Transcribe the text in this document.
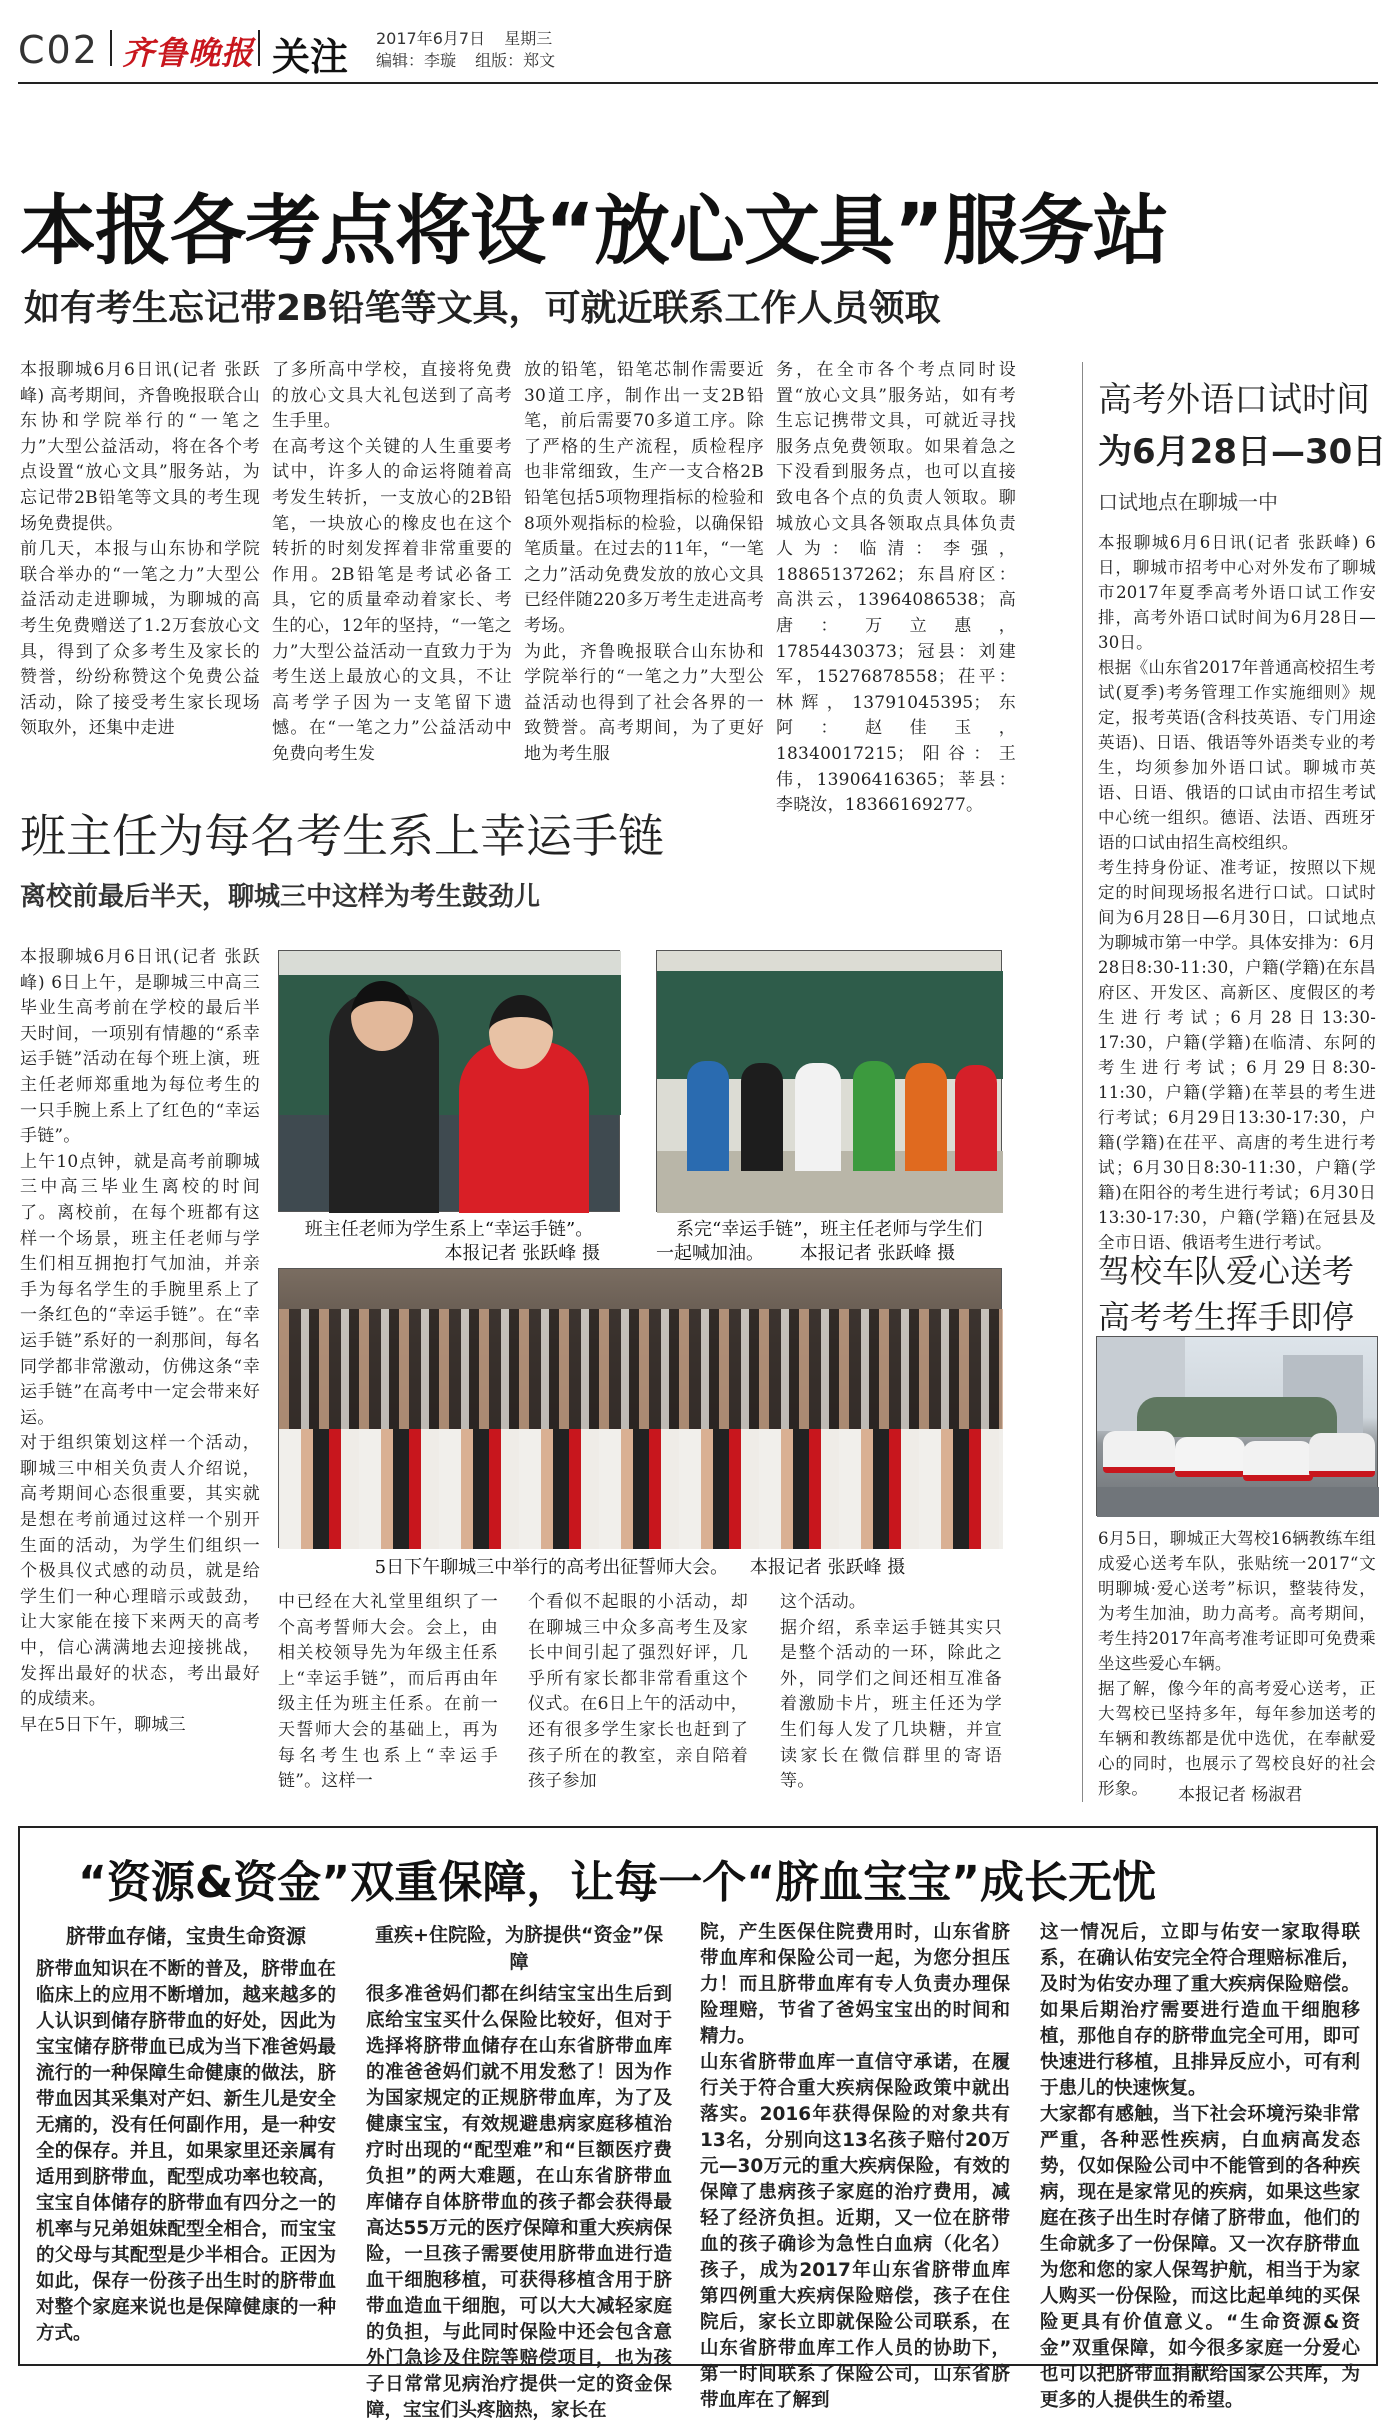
C02 齐鲁晚报 关注 2017年6月7日 星期三
编辑：李璇 组版：郑文
本报各考点将设“放心文具”服务站
如有考生忘记带2B铅笔等文具，可就近联系工作人员领取
本报聊城6月6日讯(记者 张跃峰) 高考期间，齐鲁晚报联合山东协和学院举行的“一笔之力”大型公益活动，将在各个考点设置“放心文具”服务站，为忘记带2B铅笔等文具的考生现场免费提供。
前几天，本报与山东协和学院联合举办的“一笔之力”大型公益活动走进聊城，为聊城的高考生免费赠送了1.2万套放心文具，得到了众多考生及家长的赞誉，纷纷称赞这个免费公益活动，除了接受考生家长现场领取外，还集中走进
了多所高中学校，直接将免费的放心文具大礼包送到了高考生手里。
在高考这个关键的人生重要考试中，许多人的命运将随着高考发生转折，一支放心的2B铅笔，一块放心的橡皮也在这个转折的时刻发挥着非常重要的作用。2B铅笔是考试必备工具，它的质量牵动着家长、考生的心，12年的坚持，“一笔之力”大型公益活动一直致力于为考生送上最放心的文具，不让高考学子因为一支笔留下遗憾。在“一笔之力”公益活动中免费向考生发
放的铅笔，铅笔芯制作需要近30道工序，制作出一支2B铅笔，前后需要70多道工序。除了严格的生产流程，质检程序也非常细致，生产一支合格2B铅笔包括5项物理指标的检验和8项外观指标的检验，以确保铅笔质量。在过去的11年，“一笔之力”活动免费发放的放心文具已经伴随220多万考生走进高考考场。
为此，齐鲁晚报联合山东协和学院举行的“一笔之力”大型公益活动也得到了社会各界的一致赞誉。高考期间，为了更好地为考生服
务，在全市各个考点同时设置“放心文具”服务站，如有考生忘记携带文具，可就近寻找服务点免费领取。如果着急之下没看到服务点，也可以直接致电各个点的负责人领取。聊城放心文具各领取点具体负责人为：临清：李强，18865137262；东昌府区：高洪云，13964086538；高唐：万立惠，17854430373；冠县：刘建军，15276878558；茌平：林辉，13791045395；东阿：赵佳玉，18340017215；阳谷：王伟，13906416365；莘县：李晓汝，18366169277。
高考外语口试时间
为6月28日—30日
口试地点在聊城一中
本报聊城6月6日讯(记者 张跃峰) 6日，聊城市招考中心对外发布了聊城市2017年夏季高考外语口试工作安排，高考外语口试时间为6月28日—30日。
根据《山东省2017年普通高校招生考试(夏季)考务管理工作实施细则》规定，报考英语(含科技英语、专门用途英语)、日语、俄语等外语类专业的考生，均须参加外语口试。聊城市英语、日语、俄语的口试由市招生考试中心统一组织。德语、法语、西班牙语的口试由招生高校组织。
考生持身份证、准考证，按照以下规定的时间现场报名进行口试。口试时间为6月28日—6月30日，口试地点为聊城市第一中学。具体安排为：6月28日8:30-11:30，户籍(学籍)在东昌府区、开发区、高新区、度假区的考生进行考试；6月28日13:30-17:30，户籍(学籍)在临清、东阿的考生进行考试；6月29日8:30-11:30，户籍(学籍)在莘县的考生进行考试；6月29日13:30-17:30，户籍(学籍)在茌平、高唐的考生进行考试；6月30日8:30-11:30，户籍(学籍)在阳谷的考生进行考试；6月30日13:30-17:30，户籍(学籍)在冠县及全市日语、俄语考生进行考试。
驾校车队爱心送考
高考考生挥手即停
6月5日，聊城正大驾校16辆教练车组成爱心送考车队，张贴统一2017“文明聊城·爱心送考”标识，整装待发，为考生加油，助力高考。高考期间，考生持2017年高考准考证即可免费乘坐这些爱心车辆。
据了解，像今年的高考爱心送考，正大驾校已坚持多年，每年参加送考的车辆和教练都是优中选优，在奉献爱心的同时，也展示了驾校良好的社会形象。	本报记者 杨淑君
班主任为每名考生系上幸运手链
离校前最后半天，聊城三中这样为考生鼓劲儿
本报聊城6月6日讯(记者 张跃峰) 6日上午，是聊城三中高三毕业生高考前在学校的最后半天时间，一项别有情趣的“系幸运手链”活动在每个班上演，班主任老师郑重地为每位考生的一只手腕上系上了红色的“幸运手链”。
上午10点钟，就是高考前聊城三中高三毕业生离校的时间了。离校前，在每个班都有这样一个场景，班主任老师与学生们相互拥抱打气加油，并亲手为每名学生的手腕里系上了一条红色的“幸运手链”。在“幸运手链”系好的一刹那间，每名同学都非常激动，仿佛这条“幸运手链”在高考中一定会带来好运。
对于组织策划这样一个活动，聊城三中相关负责人介绍说，高考期间心态很重要，其实就是想在考前通过这样一个别开生面的活动，为学生们组织一个极具仪式感的动员，就是给学生们一种心理暗示或鼓劲，让大家能在接下来两天的高考中，信心满满地去迎接挑战，发挥出最好的状态，考出最好的成绩来。
早在5日下午，聊城三
班主任老师为学生系上“幸运手链”。
本报记者 张跃峰 摄
系完“幸运手链”，班主任老师与学生们
一起喊加油。 本报记者 张跃峰 摄
5日下午聊城三中举行的高考出征誓师大会。 本报记者 张跃峰 摄
中已经在大礼堂里组织了一个高考誓师大会。会上，由相关校领导先为年级主任系上“幸运手链”，而后再由年级主任为班主任系。在前一天誓师大会的基础上，再为每名考生也系上“幸运手链”。这样一
个看似不起眼的小活动，却在聊城三中众多高考生及家长中间引起了强烈好评，几乎所有家长都非常看重这个仪式。在6日上午的活动中，还有很多学生家长也赶到了孩子所在的教室，亲自陪着孩子参加
这个活动。
据介绍，系幸运手链其实只是整个活动的一环，除此之外，同学们之间还相互准备着激励卡片，班主任还为学生们每人发了几块糖，并宣读家长在微信群里的寄语等。
“资源&资金”双重保障，让每一个“脐血宝宝”成长无忧
脐带血存储，宝贵生命资源
脐带血知识在不断的普及，脐带血在临床上的应用不断增加，越来越多的人认识到储存脐带血的好处，因此为宝宝储存脐带血已成为当下准爸妈最流行的一种保障生命健康的做法，脐带血因其采集对产妇、新生儿是安全无痛的，没有任何副作用，是一种安全的保存。并且，如果家里还亲属有适用到脐带血，配型成功率也较高，宝宝自体储存的脐带血有四分之一的机率与兄弟姐妹配型全相合，而宝宝的父母与其配型是少半相合。正因为如此，保存一份孩子出生时的脐带血对整个家庭来说也是保障健康的一种方式。
重疾+住院险，为脐提供“资金”保障
很多准爸妈们都在纠结宝宝出生后到底给宝宝买什么保险比较好，但对于选择将脐带血储存在山东省脐带血库的准爸爸妈们就不用发愁了！因为作为国家规定的正规脐带血库，为了及健康宝宝，有效规避患病家庭移植治疗时出现的“配型难”和“巨额医疗费负担”的两大难题，在山东省脐带血库储存自体脐带血的孩子都会获得最高达55万元的医疗保障和重大疾病保险，一旦孩子需要使用脐带血进行造血干细胞移植，可获得移植含用于脐带血造血干细胞，可以大大减轻家庭的负担，与此同时保险中还会包含意外门急诊及住院等赔偿项目，也为孩子日常常见病治疗提供一定的资金保障，宝宝们头疼脑热，家长在
院，产生医保住院费用时，山东省脐带血库和保险公司一起，为您分担压力！而且脐带血库有专人负责办理保险理赔，节省了爸妈宝宝出的时间和精力。
山东省脐带血库一直信守承诺，在履行关于符合重大疾病保险政策中就出落实。2016年获得保险的对象共有13名，分别向这13名孩子赔付20万元—30万元的重大疾病保险，有效的保障了患病孩子家庭的治疗费用，减轻了经济负担。近期，又一位在脐带血的孩子确诊为急性白血病（化名）孩子，成为2017年山东省脐带血库第四例重大疾病保险赔偿，孩子在住院后，家长立即就保险公司联系，在山东省脐带血库工作人员的协助下，第一时间联系了保险公司，山东省脐带血库在了解到
这一情况后，立即与佑安一家取得联系，在确认佑安完全符合理赔标准后，及时为佑安办理了重大疾病保险赔偿。如果后期治疗需要进行造血干细胞移植，那他自存的脐带血完全可用，即可快速进行移植，且排异反应小，可有利于患儿的快速恢复。
大家都有感触，当下社会环境污染非常严重，各种恶性疾病，白血病高发态势，仅如保险公司中不能管到的各种疾病，现在是家常见的疾病，如果这些家庭在孩子出生时存储了脐带血，他们的生命就多了一份保障。又一次存脐带血为您和您的家人保驾护航，相当于为家人购买一份保险，而这比起单纯的买保险更具有价值意义。“生命资源&资金”双重保障，如今很多家庭一分爱心也可以把脐带血捐献给国家公共库，为更多的人提供生的希望。
